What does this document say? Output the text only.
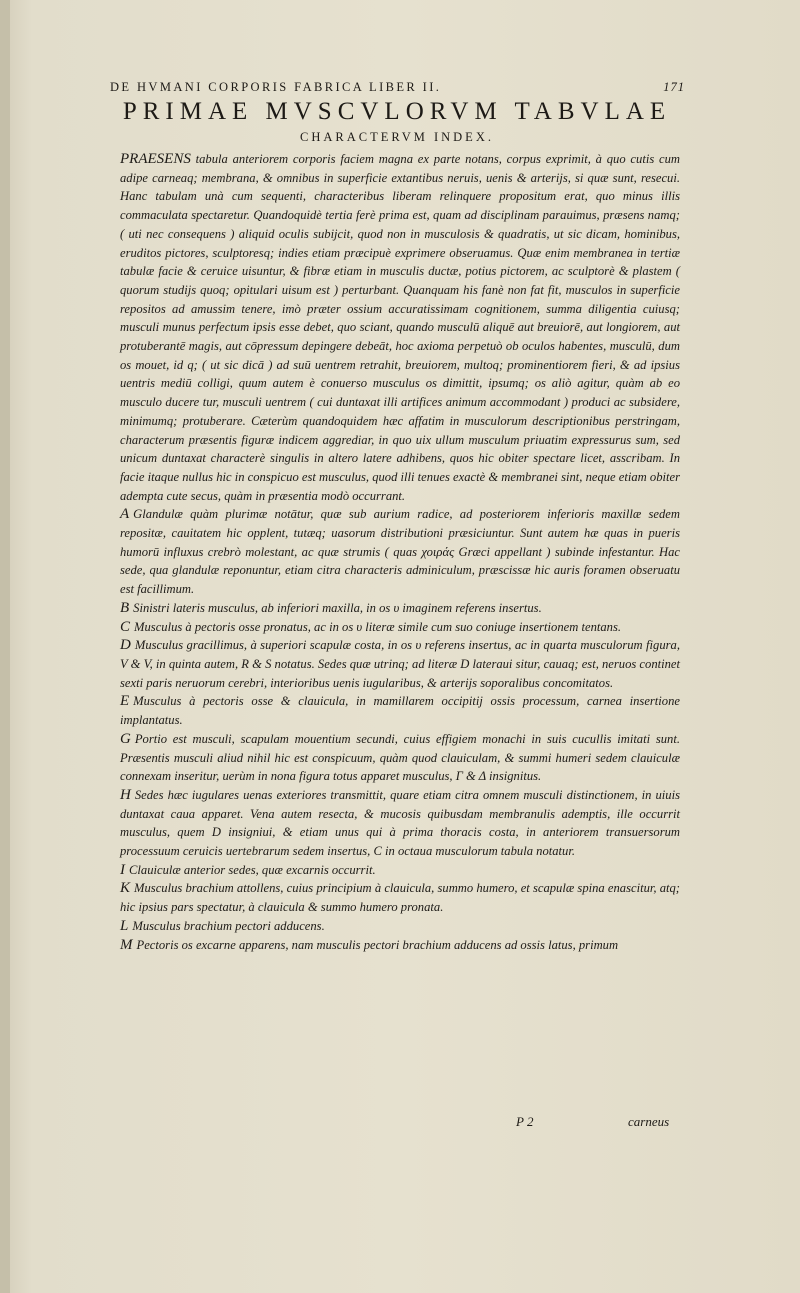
DE HVMANI CORPORIS FABRICA LIBER II.	171
PRIMAE MVSCVLORVM TABVLAE
CHARACTERVM INDEX.

PRAESENS tabula anteriorem corporis faciem magna ex parte notans, corpus exprimit, à quo cutis cum adipe carneaq; membrana, & omnibus in superficie extantibus neruis, uenis & arterijs, si quæ sunt, resecui. Hanc tabulam unà cum sequenti, characteribus liberam relinquere propositum erat, quo minus illis commaculata spectaretur. Quandoquidè tertia ferè prima est, quam ad disciplinam parauimus, præsens namq; ( uti nec consequens ) aliquid oculis subijcit, quod non in musculosis & quadratis, ut sic dicam, hominibus, eruditos pictores, sculptoresq; indies etiam præcipuè exprimere obseruamus. Quæ enim membranea in tertiæ tabulæ facie & ceruice uisuntur, & fibræ etiam in musculis ductæ, potius pictorem, ac sculptorè & plastem ( quorum studijs quoq; opitulari uisum est ) perturbant. Quanquam his fanè non fat fit, musculos in superficie repositos ad amussim tenere, imò præter ossium accuratissimam cognitionem, summa diligentia cuiusq; musculi munus perfectum ipsis esse debet, quo sciant, quando musculū aliquē aut breuiorē, aut longiorem, aut protuberantē magis, aut cōpressum depingere debeāt, hoc axioma perpetuò ob oculos habentes, musculū, dum os mouet, id q; ( ut sic dicā ) ad suū uentrem retrahit, breuiorem, multoq; prominentiorem fieri, & ad ipsius uentris mediū colligi, quum autem è conuerso musculus os dimittit, ipsumq; os aliò agitur, quàm ab eo musculo ducere tur, musculi uentrem ( cui duntaxat illi artifices animum accommodant ) produci ac subsidere, minimumq; protuberare. Cæterùm quandoquidem hæc affatim in musculorum descriptionibus perstringam, characterum præsentis figuræ indicem aggrediar, in quo uix ullum musculum priuatim expressurus sum, sed unicum duntaxat characterè singulis in altero latere adhibens, quos hic obiter spectare licet, asscribam. In facie itaque nullus hic in conspicuo est musculus, quod illi tenues exactè & membranei sint, neque etiam obiter adempta cute secus, quàm in præsentia modò occurrant.

A Glandulæ quàm plurimæ notātur, quæ sub aurium radice, ad posteriorem inferioris maxillæ sedem repositæ, cauitatem hic opplent, tutæq; uasorum distributioni præsiciuntur. Sunt autem hæ quas in pueris humorū influxus crebrò molestant, ac quæ strumis ( quas χοιράς Græci appellant ) subinde infestantur. Hac sede, qua glandulæ reponuntur, etiam citra characteris adminiculum, præscissæ hic auris foramen obseruatu est facillimum.

B Sinistri lateris musculus, ab inferiori maxilla, in os υ imaginem referens insertus.

C Musculus à pectoris osse pronatus, ac in os υ literæ simile cum suo coniuge insertionem tentans.

D Musculus gracillimus, à superiori scapulæ costa, in os υ referens insertus, ac in quarta musculorum figura, V & V, in quinta autem, R & S notatus. Sedes quæ utrinq; ad literæ D lateraui situr, cauaq; est, neruos continet sexti paris neruorum cerebri, interioribus uenis iugularibus, & arterijs soporalibus concomitatos.

E Musculus à pectoris osse & clauicula, in mamillarem occipitij ossis processum, carnea insertione implantatus.

G Portio est musculi, scapulam mouentium secundi, cuius effigiem monachi in suis cucullis imitati sunt. Præsentis musculi aliud nihil hic est conspicuum, quàm quod clauiculam, & summi humeri sedem clauiculæ connexam inseritur, uerùm in nona figura totus apparet musculus, Γ & Δ insignitus.

H Sedes hæc iugulares uenas exteriores transmittit, quare etiam citra omnem musculi distinctionem, in uiuis duntaxat caua apparet. Vena autem resecta, & mucosis quibusdam membranulis ademptis, ille occurrit musculus, quem D insigniui, & etiam unus qui à prima thoracis costa, in anteriorem transuersorum processuum ceruicis uertebrarum sedem insertus, C in octaua musculorum tabula notatur.

I Clauiculæ anterior sedes, quæ excarnis occurrit.

K Musculus brachium attollens, cuius principium à clauicula, summo humero, et scapulæ spina enascitur, atq; hic ipsius pars spectatur, à clauicula & summo humero pronata.

L Musculus brachium pectori adducens.

M Pectoris os excarne apparens, nam musculis pectori brachium adducens ad ossis latus, primum

P 2	carneus
